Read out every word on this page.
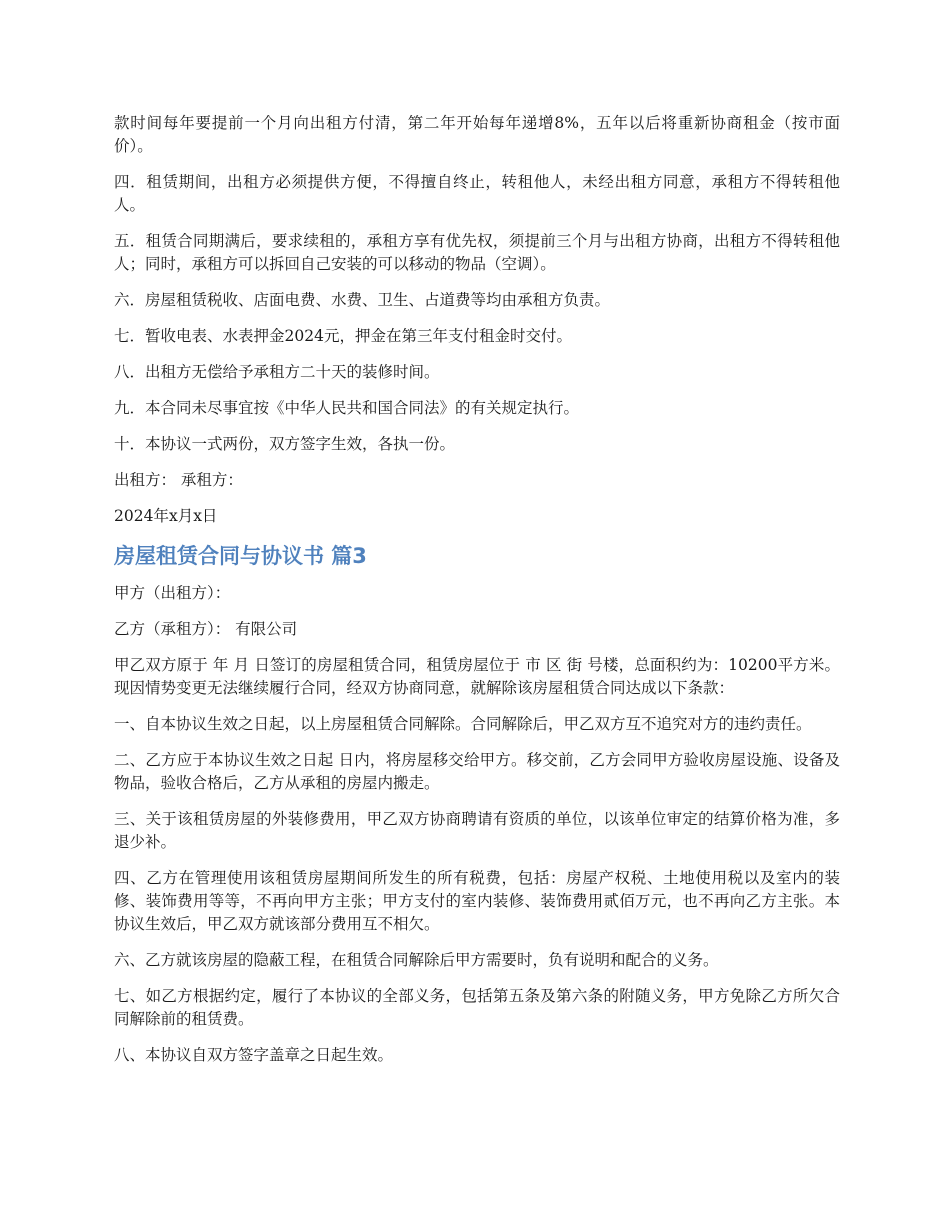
款时间每年要提前一个月向出租方付清，第二年开始每年递增8%，五年以后将重新协商租金（按市面价）。

四．租赁期间，出租方必须提供方便，不得擅自终止，转租他人，未经出租方同意，承租方不得转租他人。

五．租赁合同期满后，要求续租的，承租方享有优先权，须提前三个月与出租方协商，出租方不得转租他人；同时，承租方可以拆回自己安装的可以移动的物品（空调）。

六．房屋租赁税收、店面电费、水费、卫生、占道费等均由承租方负责。

七．暂收电表、水表押金2024元，押金在第三年支付租金时交付。

八．出租方无偿给予承租方二十天的装修时间。

九．本合同未尽事宜按《中华人民共和国合同法》的有关规定执行。

十．本协议一式两份，双方签字生效，各执一份。

出租方： 承租方：

2024年x月x日

房屋租赁合同与协议书 篇3

甲方（出租方）：

乙方（承租方）： 有限公司

甲乙双方原于 年 月 日签订的房屋租赁合同，租赁房屋位于 市 区 街 号楼，总面积约为：10200平方米。现因情势变更无法继续履行合同，经双方协商同意，就解除该房屋租赁合同达成以下条款：

一、自本协议生效之日起，以上房屋租赁合同解除。合同解除后，甲乙双方互不追究对方的违约责任。

二、乙方应于本协议生效之日起 日内，将房屋移交给甲方。移交前，乙方会同甲方验收房屋设施、设备及物品，验收合格后，乙方从承租的房屋内搬走。

三、关于该租赁房屋的外装修费用，甲乙双方协商聘请有资质的单位，以该单位审定的结算价格为准，多退少补。

四、乙方在管理使用该租赁房屋期间所发生的所有税费，包括：房屋产权税、土地使用税以及室内的装修、装饰费用等等，不再向甲方主张；甲方支付的室内装修、装饰费用贰佰万元，也不再向乙方主张。本协议生效后，甲乙双方就该部分费用互不相欠。

六、乙方就该房屋的隐蔽工程，在租赁合同解除后甲方需要时，负有说明和配合的义务。

七、如乙方根据约定，履行了本协议的全部义务，包括第五条及第六条的附随义务，甲方免除乙方所欠合同解除前的租赁费。

八、本协议自双方签字盖章之日起生效。
